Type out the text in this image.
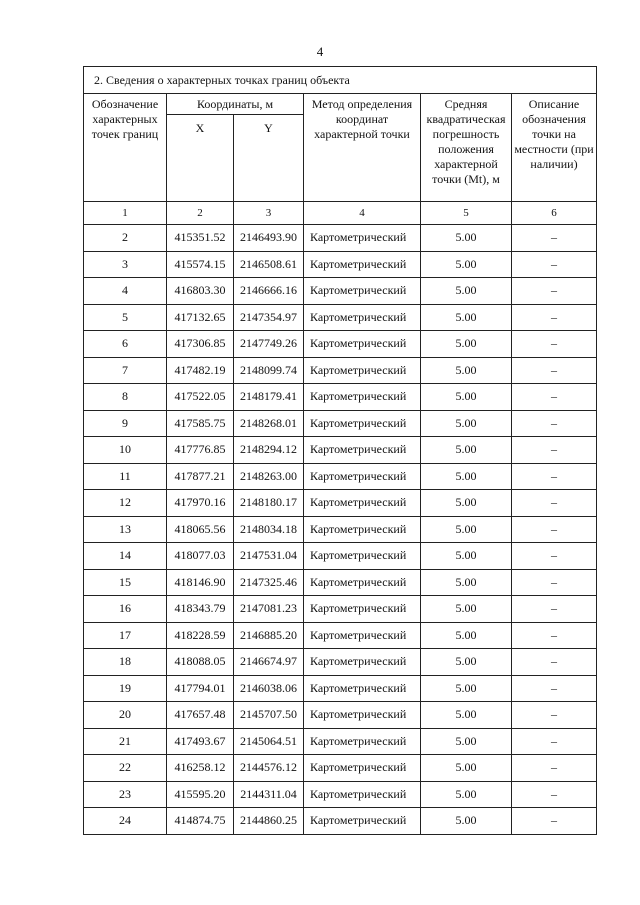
4
2. Сведения о характерных точках границ объекта					
Обозначение характерных точек границ	Координаты, м		Метод определения координат характерной точки	Средняя квадратическая погрешность положения характерной точки (Mt), м	Описание обозначения точки на местности (при наличии)
	X	Y			
1	2	3	4	5	6
2	415351.52	2146493.90	Картометрический	5.00	–
3	415574.15	2146508.61	Картометрический	5.00	–
4	416803.30	2146666.16	Картометрический	5.00	–
5	417132.65	2147354.97	Картометрический	5.00	–
6	417306.85	2147749.26	Картометрический	5.00	–
7	417482.19	2148099.74	Картометрический	5.00	–
8	417522.05	2148179.41	Картометрический	5.00	–
9	417585.75	2148268.01	Картометрический	5.00	–
10	417776.85	2148294.12	Картометрический	5.00	–
11	417877.21	2148263.00	Картометрический	5.00	–
12	417970.16	2148180.17	Картометрический	5.00	–
13	418065.56	2148034.18	Картометрический	5.00	–
14	418077.03	2147531.04	Картометрический	5.00	–
15	418146.90	2147325.46	Картометрический	5.00	–
16	418343.79	2147081.23	Картометрический	5.00	–
17	418228.59	2146885.20	Картометрический	5.00	–
18	418088.05	2146674.97	Картометрический	5.00	–
19	417794.01	2146038.06	Картометрический	5.00	–
20	417657.48	2145707.50	Картометрический	5.00	–
21	417493.67	2145064.51	Картометрический	5.00	–
22	416258.12	2144576.12	Картометрический	5.00	–
23	415595.20	2144311.04	Картометрический	5.00	–
24	414874.75	2144860.25	Картометрический	5.00	–
